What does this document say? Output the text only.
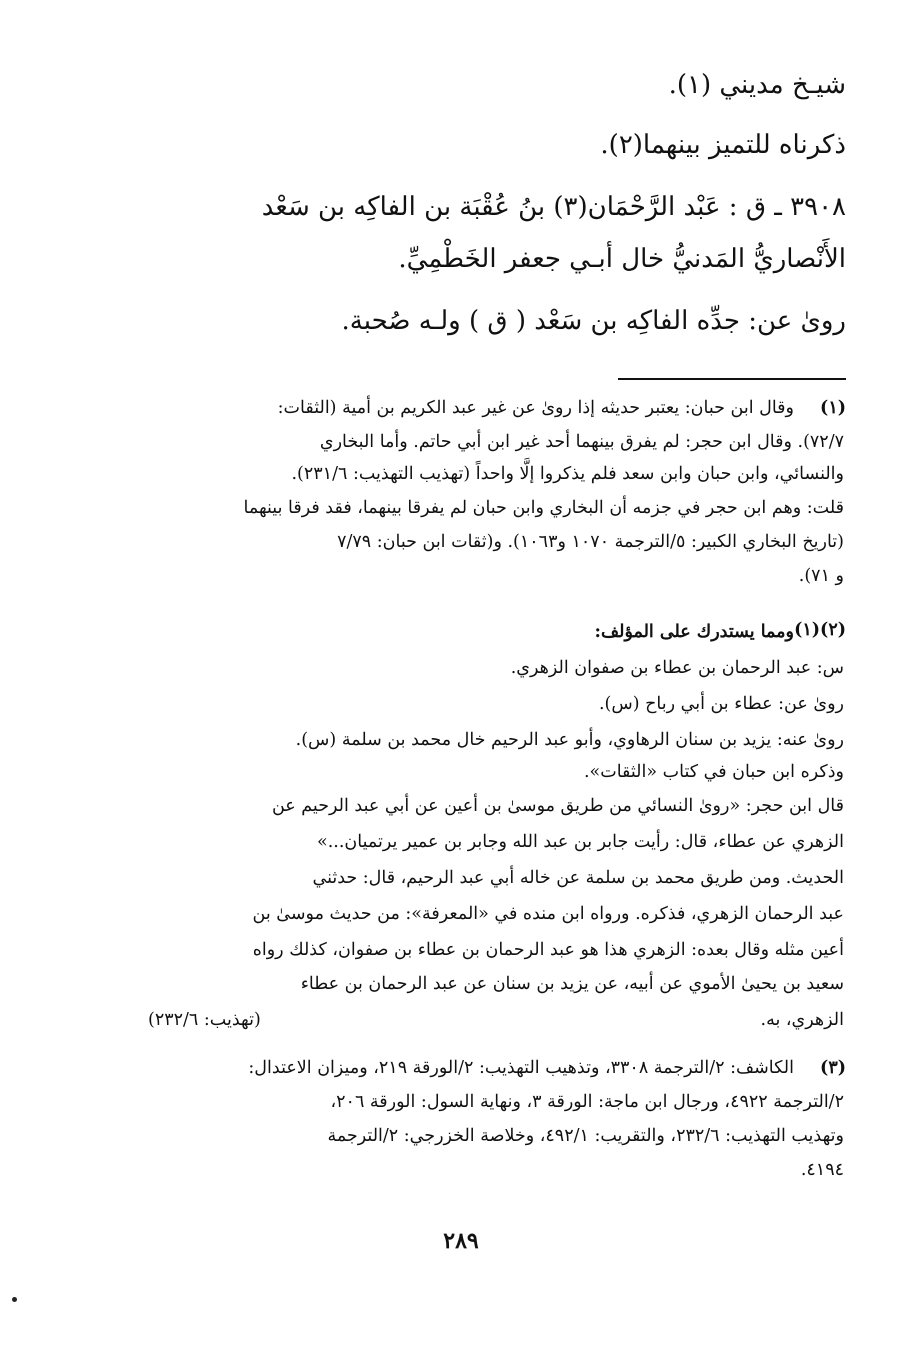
شيـخ مديني (١).
ذكرناه للتميز بينهما(٢).
٣٩٠٨ ـ ق : عَبْد الرَّحْمَان(٣) بنُ عُقْبَة بن الفاكِه بن سَعْد
الأَنْصاريُّ المَدنيُّ خال أبـي جعفر الخَطْمِيِّ.
روىٰ عن: جدِّه الفاكِه بن سَعْد ( ق ) ولـه صُحبة.
(١)
وقال ابن حبان: يعتبر حديثه إذا روىٰ عن غير عبد الكريم بن أمية (الثقات:
٧٢/٧). وقال ابن حجر: لم يفرق بينهما أحد غير ابن أبي حاتم. وأما البخاري
والنسائي، وابن حبان وابن سعد فلم يذكروا إلَّا واحداً (تهذيب التهذيب: ٢٣١/٦).
قلت: وهم ابن حجر في جزمه أن البخاري وابن حبان لم يفرقا بينهما، فقد فرقا بينهما
(تاريخ البخاري الكبير: ٥/الترجمة ١٠٧٠ و١٠٦٣). و(ثقات ابن حبان: ٧/٧٩
و ٧١).
(٢)(١)
ومما يستدرك على المؤلف:
س: عبد الرحمان بن عطاء بن صفوان الزهري.
روىٰ عن: عطاء بن أبي رباح (س).
روىٰ عنه: يزيد بن سنان الرهاوي، وأبو عبد الرحيم خال محمد بن سلمة (س).
وذكره ابن حبان في كتاب «الثقات».
قال ابن حجر: «روىٰ النسائي من طريق موسىٰ بن أعين عن أبي عبد الرحيم عن
الزهري عن عطاء، قال: رأيت جابر بن عبد الله وجابر بن عمير يرتميان...»
الحديث. ومن طريق محمد بن سلمة عن خاله أبي عبد الرحيم، قال: حدثني
عبد الرحمان الزهري، فذكره. ورواه ابن منده في «المعرفة»: من حديث موسىٰ بن
أعين مثله وقال بعده: الزهري هذا هو عبد الرحمان بن عطاء بن صفوان، كذلك رواه
سعيد بن يحيىٰ الأموي عن أبيه، عن يزيد بن سنان عن عبد الرحمان بن عطاء
الزهري، به.
(تهذيب: ٢٣٢/٦)
(٣)
الكاشف: ٢/الترجمة ٣٣٠٨، وتذهيب التهذيب: ٢/الورقة ٢١٩، وميزان الاعتدال:
٢/الترجمة ٤٩٢٢، ورجال ابن ماجة: الورقة ٣، ونهاية السول: الورقة ٢٠٦،
وتهذيب التهذيب: ٢٣٢/٦، والتقريب: ٤٩٢/١، وخلاصة الخزرجي: ٢/الترجمة
٤١٩٤.
٢٨٩
